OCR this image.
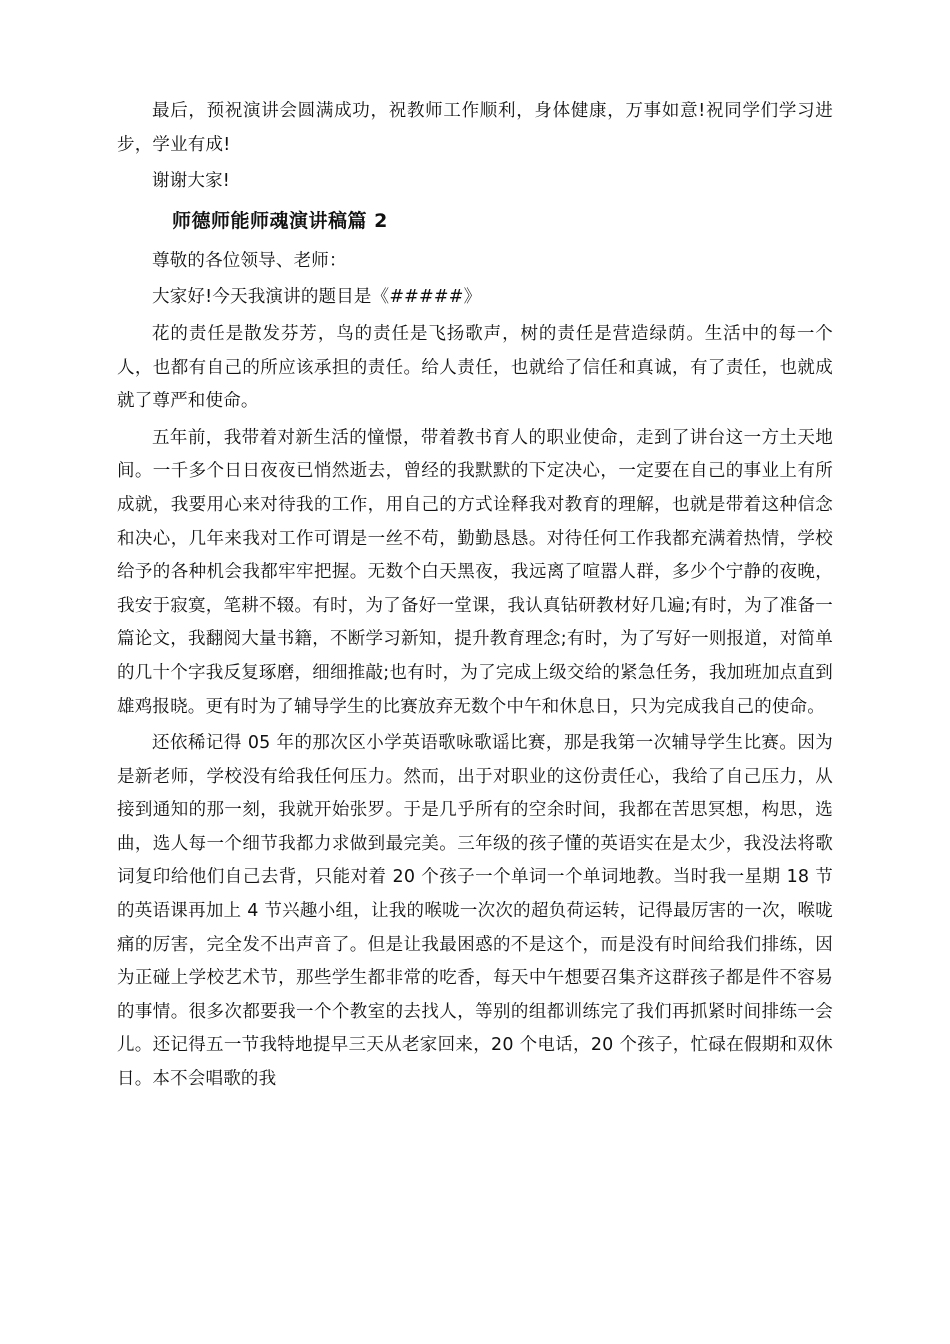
最后，预祝演讲会圆满成功，祝教师工作顺利，身体健康，万事如意!祝同学们学习进步，学业有成!

谢谢大家!

师德师能师魂演讲稿篇 2

尊敬的各位领导、老师：

大家好!今天我演讲的题目是《#####》

花的责任是散发芬芳，鸟的责任是飞扬歌声，树的责任是营造绿荫。生活中的每一个人，也都有自己的所应该承担的责任。给人责任，也就给了信任和真诚，有了责任，也就成就了尊严和使命。

五年前，我带着对新生活的憧憬，带着教书育人的职业使命，走到了讲台这一方土天地间。一千多个日日夜夜已悄然逝去，曾经的我默默的下定决心，一定要在自己的事业上有所成就，我要用心来对待我的工作，用自己的方式诠释我对教育的理解，也就是带着这种信念和决心，几年来我对工作可谓是一丝不苟，勤勤恳恳。对待任何工作我都充满着热情，学校给予的各种机会我都牢牢把握。无数个白天黑夜，我远离了喧嚣人群，多少个宁静的夜晚，我安于寂寞，笔耕不辍。有时，为了备好一堂课，我认真钻研教材好几遍;有时，为了准备一篇论文，我翻阅大量书籍，不断学习新知，提升教育理念;有时，为了写好一则报道，对简单的几十个字我反复琢磨，细细推敲;也有时，为了完成上级交给的紧急任务，我加班加点直到雄鸡报晓。更有时为了辅导学生的比赛放弃无数个中午和休息日，只为完成我自己的使命。

还依稀记得 05 年的那次区小学英语歌咏歌谣比赛，那是我第一次辅导学生比赛。因为是新老师，学校没有给我任何压力。然而，出于对职业的这份责任心，我给了自己压力，从接到通知的那一刻，我就开始张罗。于是几乎所有的空余时间，我都在苦思冥想，构思，选曲，选人每一个细节我都力求做到最完美。三年级的孩子懂的英语实在是太少，我没法将歌词复印给他们自己去背，只能对着 20 个孩子一个单词一个单词地教。当时我一星期 18 节的英语课再加上 4 节兴趣小组，让我的喉咙一次次的超负荷运转，记得最厉害的一次，喉咙痛的厉害，完全发不出声音了。但是让我最困惑的不是这个，而是没有时间给我们排练，因为正碰上学校艺术节，那些学生都非常的吃香，每天中午想要召集齐这群孩子都是件不容易的事情。很多次都要我一个个教室的去找人，等别的组都训练完了我们再抓紧时间排练一会儿。还记得五一节我特地提早三天从老家回来，20 个电话，20 个孩子，忙碌在假期和双休日。本不会唱歌的我
